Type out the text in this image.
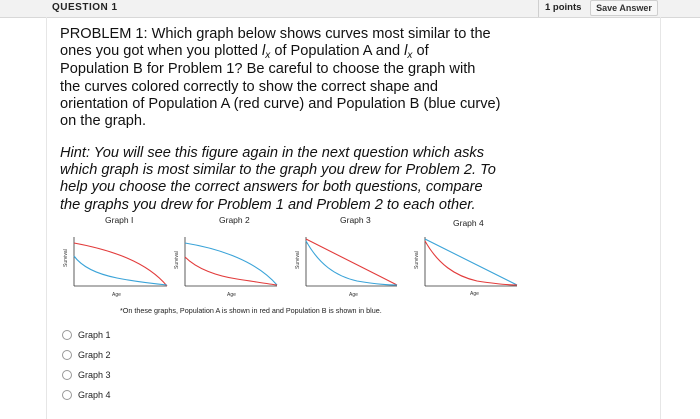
QUESTION 1	1 points	Save Answer
PROBLEM 1: Which graph below shows curves most similar to the
ones you got when you plotted $l_x$ of Population A and $l_x$ of
Population B for Problem 1? Be careful to choose the graph with
the curves colored correctly to show the correct shape and
orientation of Population A (red curve) and Population B (blue curve)
on the graph.
Hint: You will see this figure again in the next question which asks
which graph is most similar to the graph you drew for Problem 2. To
help you choose the correct answers for both questions, compare
the graphs you drew for Problem 1 and Problem 2 to each other.
Graph I	Graph 2	Graph 3	Graph 4
Survival
Age
Survival
Age
Survival
Age
Survival
Age
*On these graphs, Population A is shown in red and Population B is shown in blue.
Graph 1
Graph 2
Graph 3
Graph 4
